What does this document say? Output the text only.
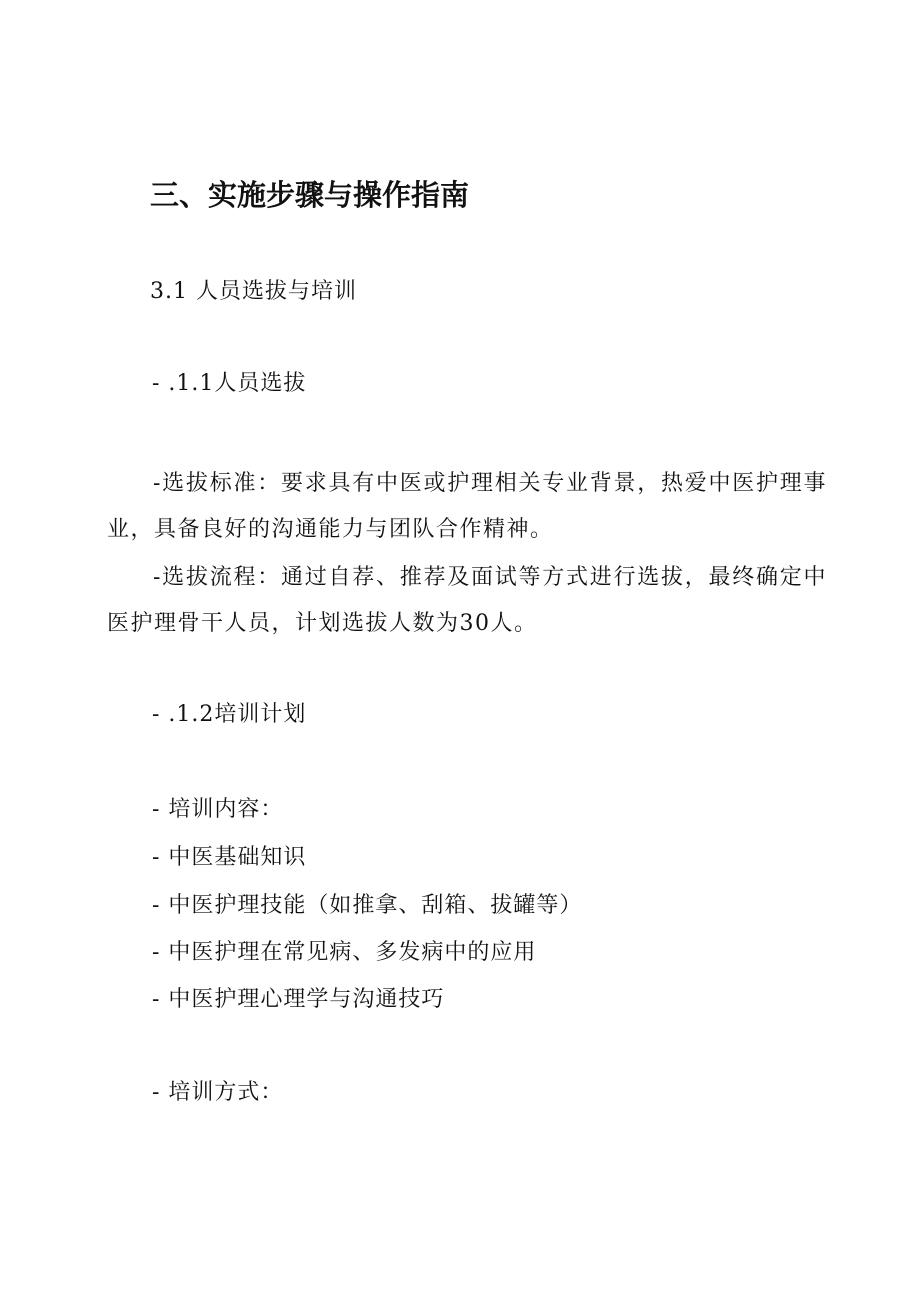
三、实施步骤与操作指南
3.1 人员选拔与培训
- .1.1人员选拔
-选拔标准：要求具有中医或护理相关专业背景，热爱中医护理事业，具备良好的沟通能力与团队合作精神。
-选拔流程：通过自荐、推荐及面试等方式进行选拔，最终确定中医护理骨干人员，计划选拔人数为30人。
- .1.2培训计划
- 培训内容：
- 中医基础知识
- 中医护理技能（如推拿、刮箱、拔罐等）
- 中医护理在常见病、多发病中的应用
- 中医护理心理学与沟通技巧
- 培训方式：
